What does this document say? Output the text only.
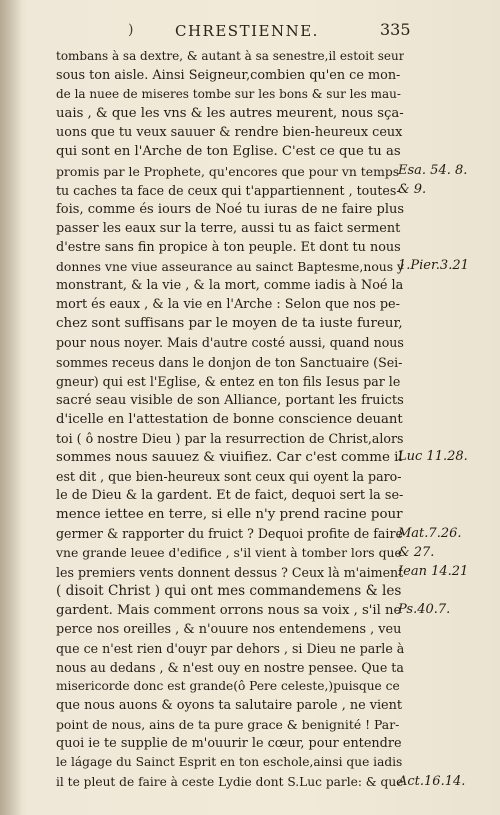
)	CHRESTIENNE.	335
tombans à sa dextre, & autant à sa senestre,il estoit seur
sous ton aisle. Ainsi Seigneur,combien qu'en ce mon-
de la nuee de miseres tombe sur les bons & sur les mau-
uais , & que les vns & les autres meurent, nous sça-
uons que tu veux sauuer & rendre bien-heureux ceux
qui sont en l'Arche de ton Eglise. C'est ce que tu as
promis par le Prophete, qu'encores que pour vn temps
tu caches ta face de ceux qui t'appartiennent , toutes-
fois, comme és iours de Noé tu iuras de ne faire plus
passer les eaux sur la terre, aussi tu as faict serment
d'estre sans fin propice à ton peuple. Et dont tu nous
donnes vne viue asseurance au sainct Baptesme,nous y
monstrant, & la vie , & la mort, comme iadis à Noé la
mort és eaux , & la vie en l'Arche : Selon que nos pe-
chez sont suffisans par le moyen de ta iuste fureur,
pour nous noyer. Mais d'autre costé aussi, quand nous
sommes receus dans le donjon de ton Sanctuaire (Sei-
gneur) qui est l'Eglise, & entez en ton fils Iesus par le
sacré seau visible de son Alliance, portant les fruicts
d'icelle en l'attestation de bonne conscience deuant
toi ( ô nostre Dieu ) par la resurrection de Christ,alors
sommes nous sauuez & viuifiez. Car c'est comme il
est dit , que bien-heureux sont ceux qui oyent la paro-
le de Dieu & la gardent. Et de faict, dequoi sert la se-
mence iettee en terre, si elle n'y prend racine pour
germer & rapporter du fruict ? Dequoi profite de faire
vne grande leuee d'edifice , s'il vient à tomber lors que
les premiers vents donnent dessus ? Ceux là m'aiment
( disoit Christ ) qui ont mes commandemens & les
gardent. Mais comment orrons nous sa voix , s'il ne
perce nos oreilles , & n'ouure nos entendemens , veu
que ce n'est rien d'ouyr par dehors , si Dieu ne parle à
nous au dedans , & n'est ouy en nostre pensee. Que ta
misericorde donc est grande(ô Pere celeste,)puisque ce
que nous auons & oyons ta salutaire parole , ne vient
point de nous, ains de ta pure grace & benignité ! Par-
quoi ie te supplie de m'ouurir le cœur, pour entendre
le lágage du Sainct Esprit en ton eschole,ainsi que iadis
il te pleut de faire à ceste Lydie dont S.Luc parle: & que
Esa. 54. 8.
& 9.
1.Pier.3.21
Luc 11.28.
Mat.7.26.
& 27.
Iean 14.21
Ps.40.7.
Act.16.14.
